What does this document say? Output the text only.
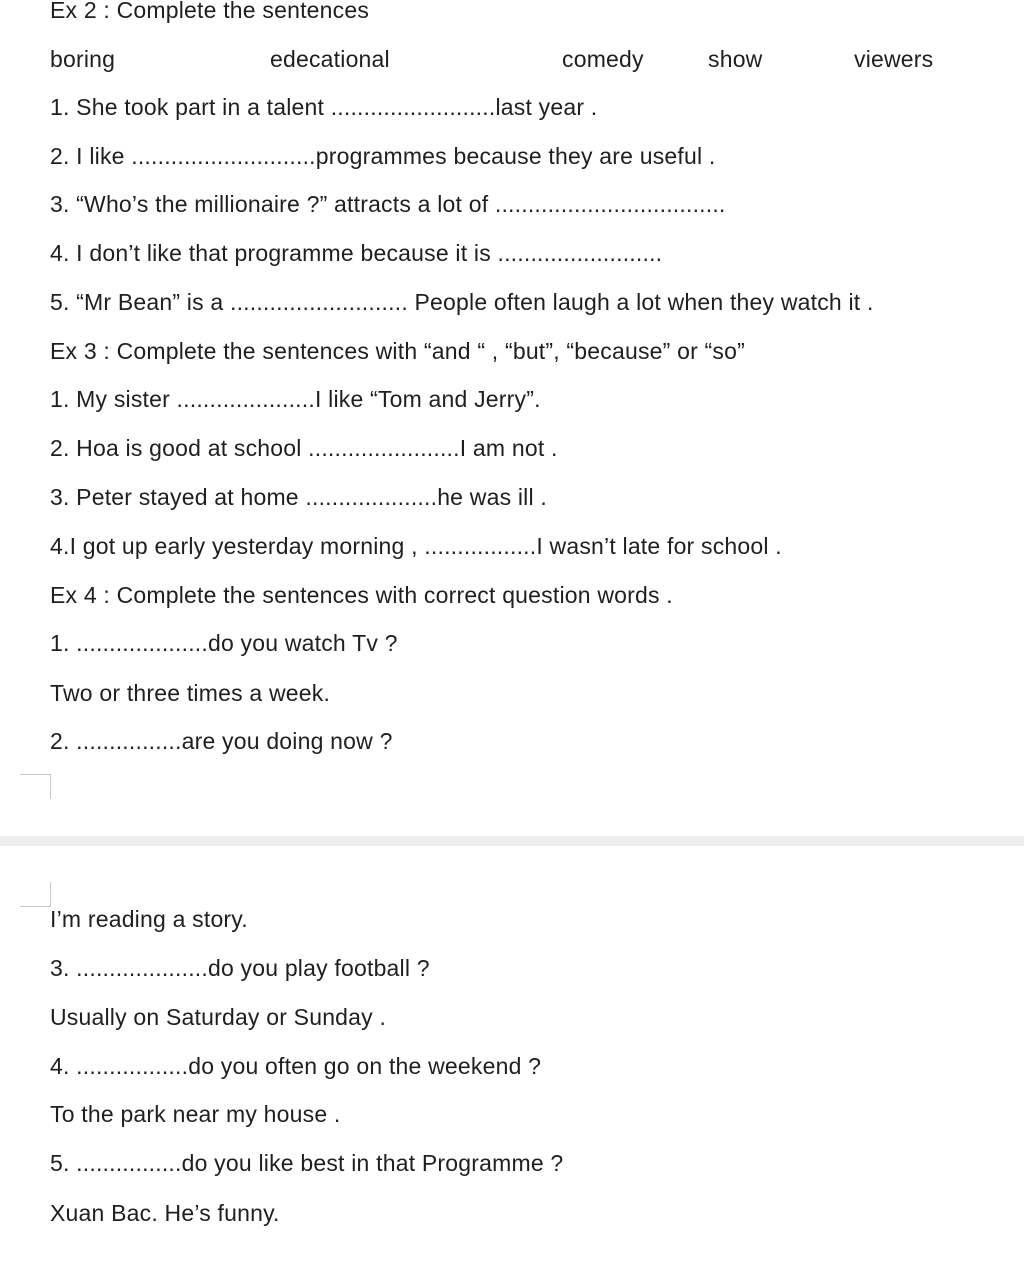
Ex 2 : Complete the sentences
boring	edecational	comedy	show	viewers
1. She took part in a talent .........................last year .
2. I like ............................programmes because they are useful .
3. “Who’s the millionaire ?” attracts a lot of ...................................
4. I don’t like that programme because it is .........................
5. “Mr Bean” is a ........................... People often laugh a lot when they watch it .
Ex 3 : Complete the sentences with “and “ , “but”, “because” or “so”
1. My sister .....................I like “Tom and Jerry”.
2. Hoa is good at school .......................I am not .
3. Peter stayed at home ....................he was ill .
4.I got up early yesterday morning , .................I wasn’t late for school .
Ex 4 : Complete the sentences with correct question words .
1. ....................do you watch Tv ?
Two or three times a week.
2. ................are you doing now ?
I’m reading a story.
3. ....................do you play football ?
Usually on Saturday or Sunday .
4. .................do you often go on the weekend ?
To the park near my house .
5. ................do you like best in that Programme ?
Xuan Bac. He’s funny.
